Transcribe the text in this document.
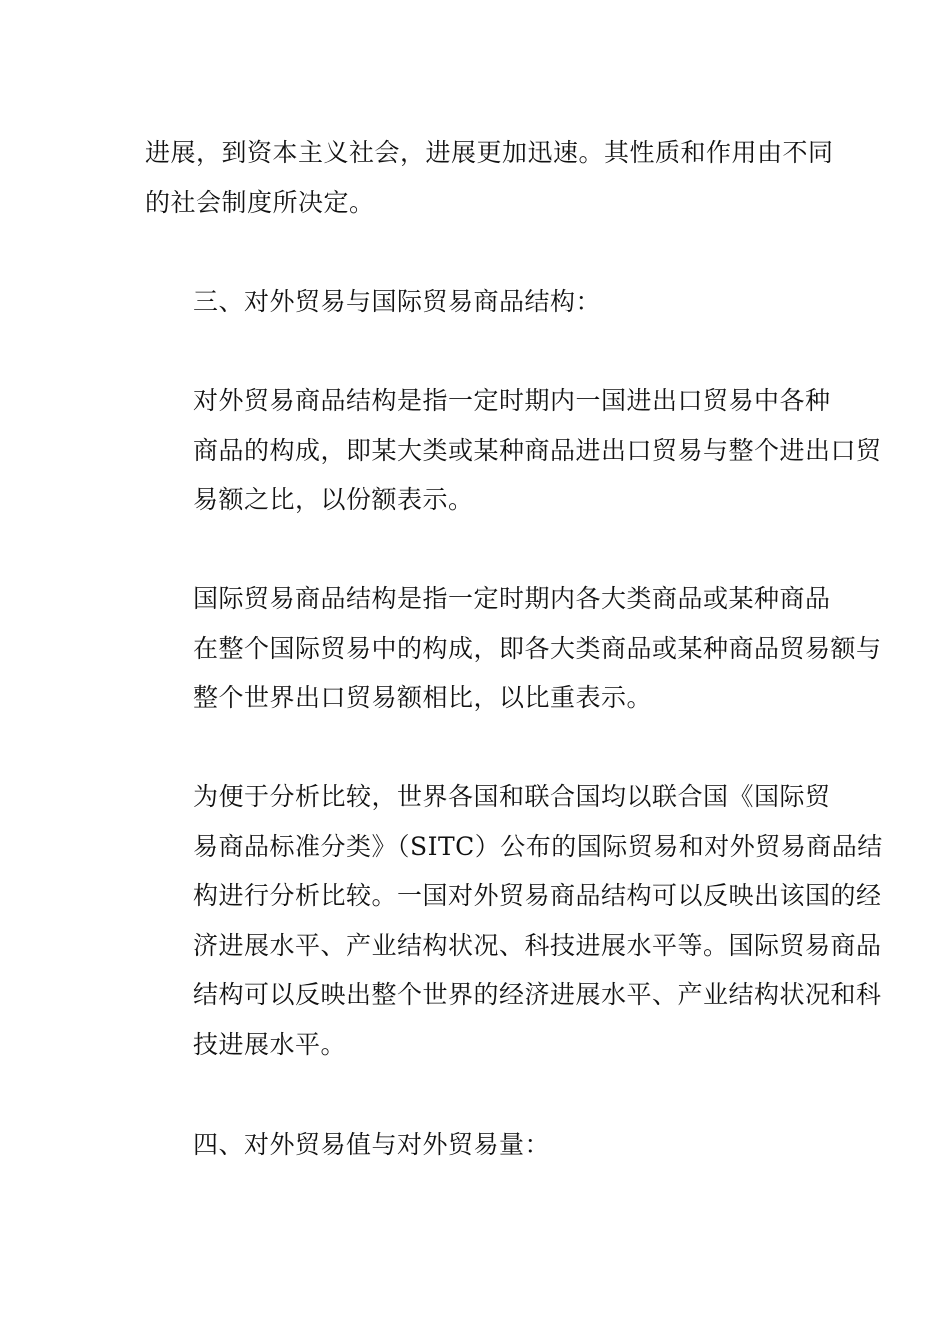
进展，到资本主义社会，进展更加迅速。其性质和作用由不同
的社会制度所决定。

三、对外贸易与国际贸易商品结构：

对外贸易商品结构是指一定时期内一国进出口贸易中各种
商品的构成，即某大类或某种商品进出口贸易与整个进出口贸
易额之比，以份额表示。

国际贸易商品结构是指一定时期内各大类商品或某种商品
在整个国际贸易中的构成，即各大类商品或某种商品贸易额与
整个世界出口贸易额相比，以比重表示。

为便于分析比较，世界各国和联合国均以联合国《国际贸
易商品标准分类》（SITC）公布的国际贸易和对外贸易商品结
构进行分析比较。一国对外贸易商品结构可以反映出该国的经
济进展水平、产业结构状况、科技进展水平等。国际贸易商品
结构可以反映出整个世界的经济进展水平、产业结构状况和科
技进展水平。

四、对外贸易值与对外贸易量：
